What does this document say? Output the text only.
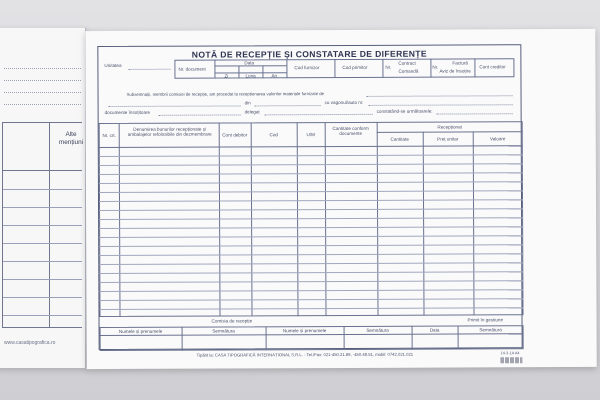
Alte mențiuni
www.casatipografica.ro
NOTĂ DE RECEPȚIE ȘI CONSTATARE DE DIFERENȚE
Unitatea
Nr. document
Data
Zi	Luna	An
Cod furnizor	Cod primitor	Nr.
Contract
Comandă
Nr.
Factură
Aviz de însoțire
Cont creditor
Subsemnații, membrii comisiei de recepție, am procedat la recepționarea valorilor materiale furnizate de
din	cu vagonul/auto nr.
documente însoțitoare	delegat	constatând-se următoarele:
Nr. crt.
Denumirea bunurilor recepționate și ambalajelor refolosibile din dezmembrare	Cont debitor	Cod	U/M
Cantitate conform documente
Recepționat
Cantitate	Preț unitar	Valoare
Comisia de recepție	Primit în gestiune
Numele și prenumele	Semnătura	Numele și prenumele	Semnătura	Data	Semnătura
Tipărit la: CASA TIPOGRAFICĂ INTERNAȚIONAL S.R.L. - Tel./Fax: 021-450.21.89, -450.48.51, mobil: 0742.021.021	14-3-1A A4
